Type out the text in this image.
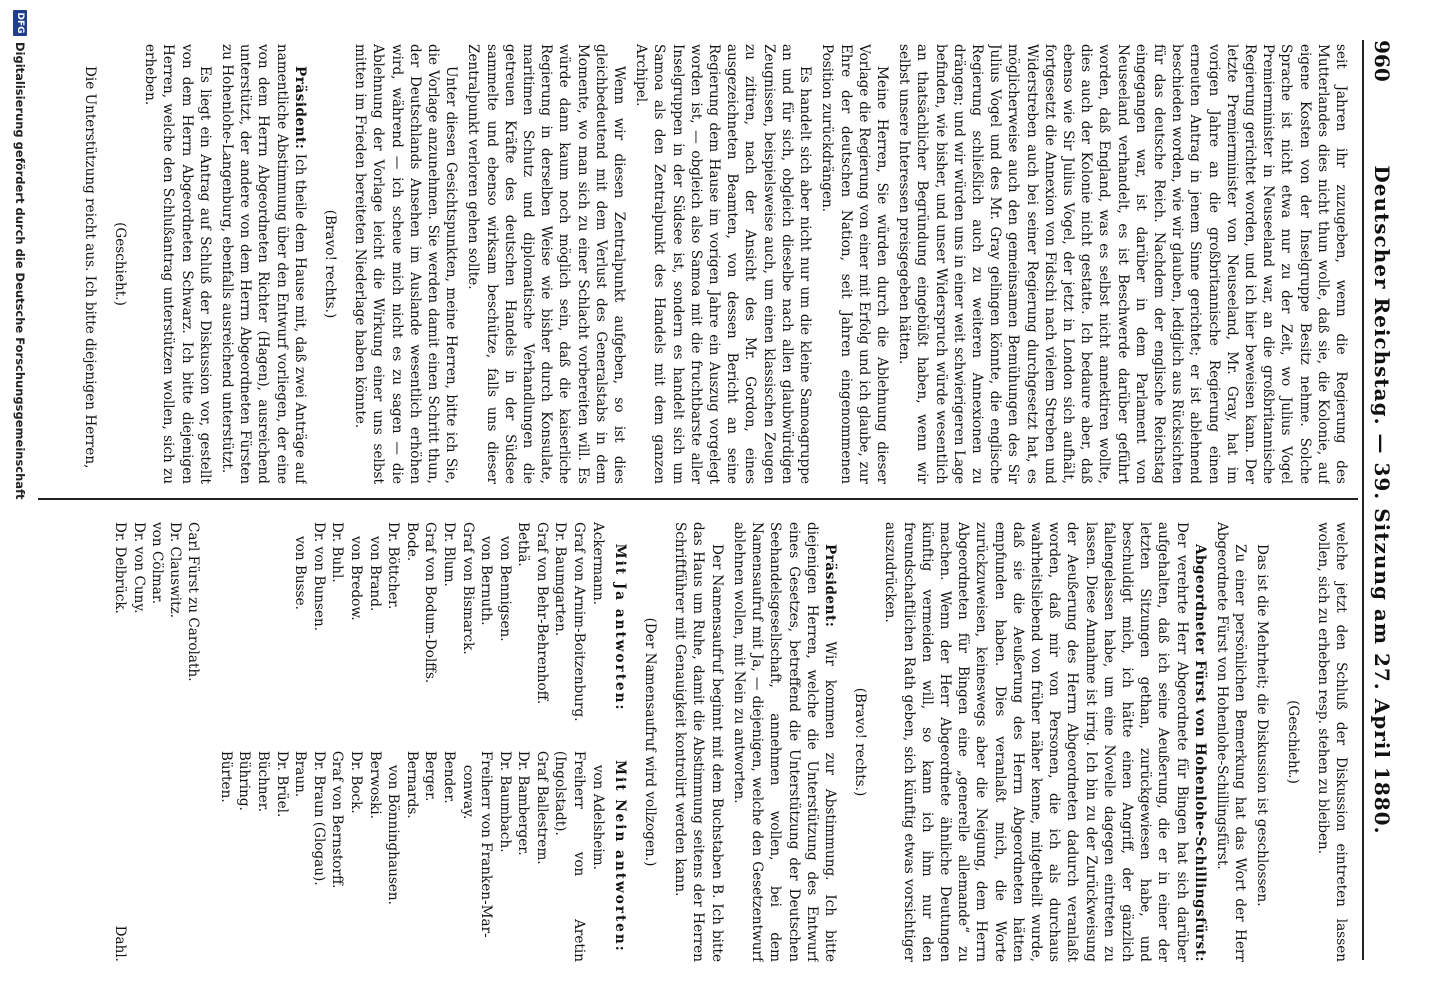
960
Deutscher Reichstag. — 39. Sitzung am 27. April 1880.

seit Jahren ihr zuzugeben, wenn die Regierung des Mutterlandes dies nicht thun wolle, daß sie, die Kolonie, auf eigene Kosten von der Inselgruppe Besitz nehme. Solche Sprache ist nicht etwa nur zu der Zeit, wo Julius Vogel Premierminister in Neuseeland war, an die großbritannische Regierung gerichtet worden, und ich hier beweisen kann. Der letzte Premierminister von Neuseeland, Mr. Gray, hat im vorigen Jahre an die großbritannische Regierung einen erneuten Antrag in jenem Sinne gerichtet; er ist ablehnend beschieden worden, wie wir glauben, lediglich aus Rücksichten für das deutsche Reich. Nachdem der englische Reichstag eingegangen war, ist darüber in dem Parlament von Neuseeland verhandelt, es ist Beschwerde darüber geführt worden, daß England, was es selbst nicht annektiren wollte, dies auch der Kolonie nicht gestatte. Ich bedaure aber, daß ebenso wie Sir Julius Vogel, der jetzt in London sich aufhält, fortgesetzt die Annexion von Fidschi nach vielem Streben und Widerstreben auch bei seiner Regierung durchgesetzt hat, es möglicherweise auch den gemeinsamen Bemühungen des Sir Julius Vogel und des Mr. Gray gelingen könnte, die englische Regierung schließlich auch zu weiteren Annexionen zu drängen; und wir würden uns in einer weit schwierigeren Lage befinden, wie bisher, und unser Widerspruch würde wesentlich an thatsächlicher Begründung eingebüßt haben, wenn wir selbst unsere Interessen preisgegeben hätten.

Meine Herren, Sie würden durch die Ablehnung dieser Vorlage die Regierung von einer mit Erfolg und ich glaube, zur Ehre der deutschen Nation, seit Jahren eingenommenen Position zurückdrängen.

Es handelt sich aber nicht nur um die kleine Samoagruppe an und für sich, obgleich dieselbe nach allen glaubwürdigen Zeugnissen, beispielsweise auch, um einen klassischen Zeugen zu zitiren, nach der Ansicht des Mr. Gordon, eines ausgezeichneten Beamten, von dessen Bericht an seine Regierung dem Hause im vorigen Jahre ein Auszug vorgelegt worden ist, — obgleich also Samoa mit die fruchtbarste aller Inselgruppen in der Südsee ist, sondern es handelt sich um Samoa als den Zentralpunkt des Handels mit dem ganzen Archipel.

Wenn wir diesen Zentralpunkt aufgeben, so ist dies gleichbedeutend mit dem Verlust des Generalstabs in dem Momente, wo man sich zu einer Schlacht vorbereiten will. Es würde dann kaum noch möglich sein, daß die kaiserliche Regierung in derselben Weise wie bisher durch Konsulate, maritimen Schutz und diplomatische Verhandlungen die getreuen Kräfte des deutschen Handels in der Südsee sammelte und ebenso wirksam beschütze, falls uns dieser Zentralpunkt verloren gehen sollte.

Unter diesen Gesichtspunkten, meine Herren, bitte ich Sie, die Vorlage anzunehmen. Sie werden damit einen Schritt thun, der Deutschlands Ansehen im Auslande wesentlich erhöhen wird, während — ich scheue mich nicht es zu sagen — die Ablehnung der Vorlage leicht die Wirkung einer uns selbst mitten im Frieden bereiteten Niederlage haben könnte.

(Bravo! rechts.)

Präsident: Ich theile dem Hause mit, daß zwei Anträge auf namentliche Abstimmung über den Entwurf vorliegen, der eine von dem Herrn Abgeordneten Richter (Hagen), ausreichend unterstützt, der andere von dem Herrn Abgeordneten Fürsten zu Hohenlohe-Langenburg, ebenfalls ausreichend unterstützt.

Es liegt ein Antrag auf Schluß der Diskussion vor, gestellt von dem Herrn Abgeordneten Schwarz. Ich bitte diejenigen Herren, welche den Schlußantrag unterstützen wollen, sich zu erheben.

(Geschieht.)

Die Unterstützung reicht aus. Ich bitte diejenigen Herren,

welche jetzt den Schluß der Diskussion eintreten lassen wollen, sich zu erheben resp. stehen zu bleiben.

(Geschieht.)

Das ist die Mehrheit; die Diskussion ist geschlossen.

Zu einer persönlichen Bemerkung hat das Wort der Herr Abgeordnete Fürst von Hohenlohe-Schillingsfürst.

Abgeordneter Fürst von Hohenlohe-Schillingsfürst: Der verehrte Herr Abgeordnete für Bingen hat sich darüber aufgehalten, daß ich seine Aeußerung, die er in einer der letzten Sitzungen gethan, zurückgewiesen habe, und beschuldigt mich, ich hätte einen Angriff, der gänzlich fallengelassen habe, um eine Novelle dagegen eintreten zu lassen. Diese Annahme ist irrig. Ich bin zu der Zurückweisung der Aeußerung des Herrn Abgeordneten dadurch veranlaßt worden, daß mir von Personen, die ich als durchaus wahrheitsliebend von früher näher kenne, mitgetheilt wurde, daß sie die Aeußerung des Herrn Abgeordneten hätten empfunden haben. Dies veranlaßt mich, die Worte zurückzuweisen, keineswegs aber die Neigung, dem Herrn Abgeordneten für Bingen eine „generelle allemande“ zu machen. Wenn der Herr Abgeordnete ähnliche Deutungen künftig vermeiden will, so kann ich ihm nur den freundschaftlichen Rath geben, sich künftig etwas vorsichtiger auszudrücken.

(Bravo! rechts.)

Präsident: Wir kommen zur Abstimmung. Ich bitte diejenigen Herren, welche die Unterstützung des Entwurf eines Gesetzes, betreffend die Unterstützung der Deutschen Seehandelsgesellschaft, annehmen wollen, bei dem Namensaufruf mit Ja, — diejenigen, welche den Gesetzentwurf ablehnen wollen, mit Nein zu antworten.

Der Namensaufruf beginnt mit dem Buchstaben B. Ich bitte das Haus um Ruhe, damit die Abstimmung seitens der Herren Schriftführer mit Genauigkeit kontrolirt werden kann.

(Der Namensaufruf wird vollzogen.)

Mit Ja antworten:
Ackermann.
Graf von Arnim-Boitzenburg.
Dr. Baumgarten.
Graf von Behr-Behrenhoff.
Bethä.
von Bennigsen.
von Bernuth.
Graf von Bismarck.
Dr. Blum.
Graf von Bodum-Dolffs.
Bode.
Dr. Böttcher.
von Brand.
von Bredow.
Dr. Buhl.
Dr. von Bunsen.
von Busse.
Mit Nein antworten:
von Adelsheim.
Freiherr von Aretin (Ingolstadt).
Graf Ballestrem.
Dr. Bamberger.
Dr. Baumbach.
Freiherr von Franken-Mar-
conway.
Bender.
Berger.
Bernards.
von Bönninghausen.
Berwoski.
Dr. Bock.
Graf von Bernstorff.
Dr. Braun (Glogau).
Braun.
Dr. Brüel.
Büchner.
Bühring.
Bürten.
Carl Fürst zu Carolath.
Dr. Clauswitz.
von Cölmar.
Dr. von Cuny.
Dr. Delbrück.
Dahl.
DFG
Digitalisierung gefördert durch die Deutsche Forschungsgemeinschaft
